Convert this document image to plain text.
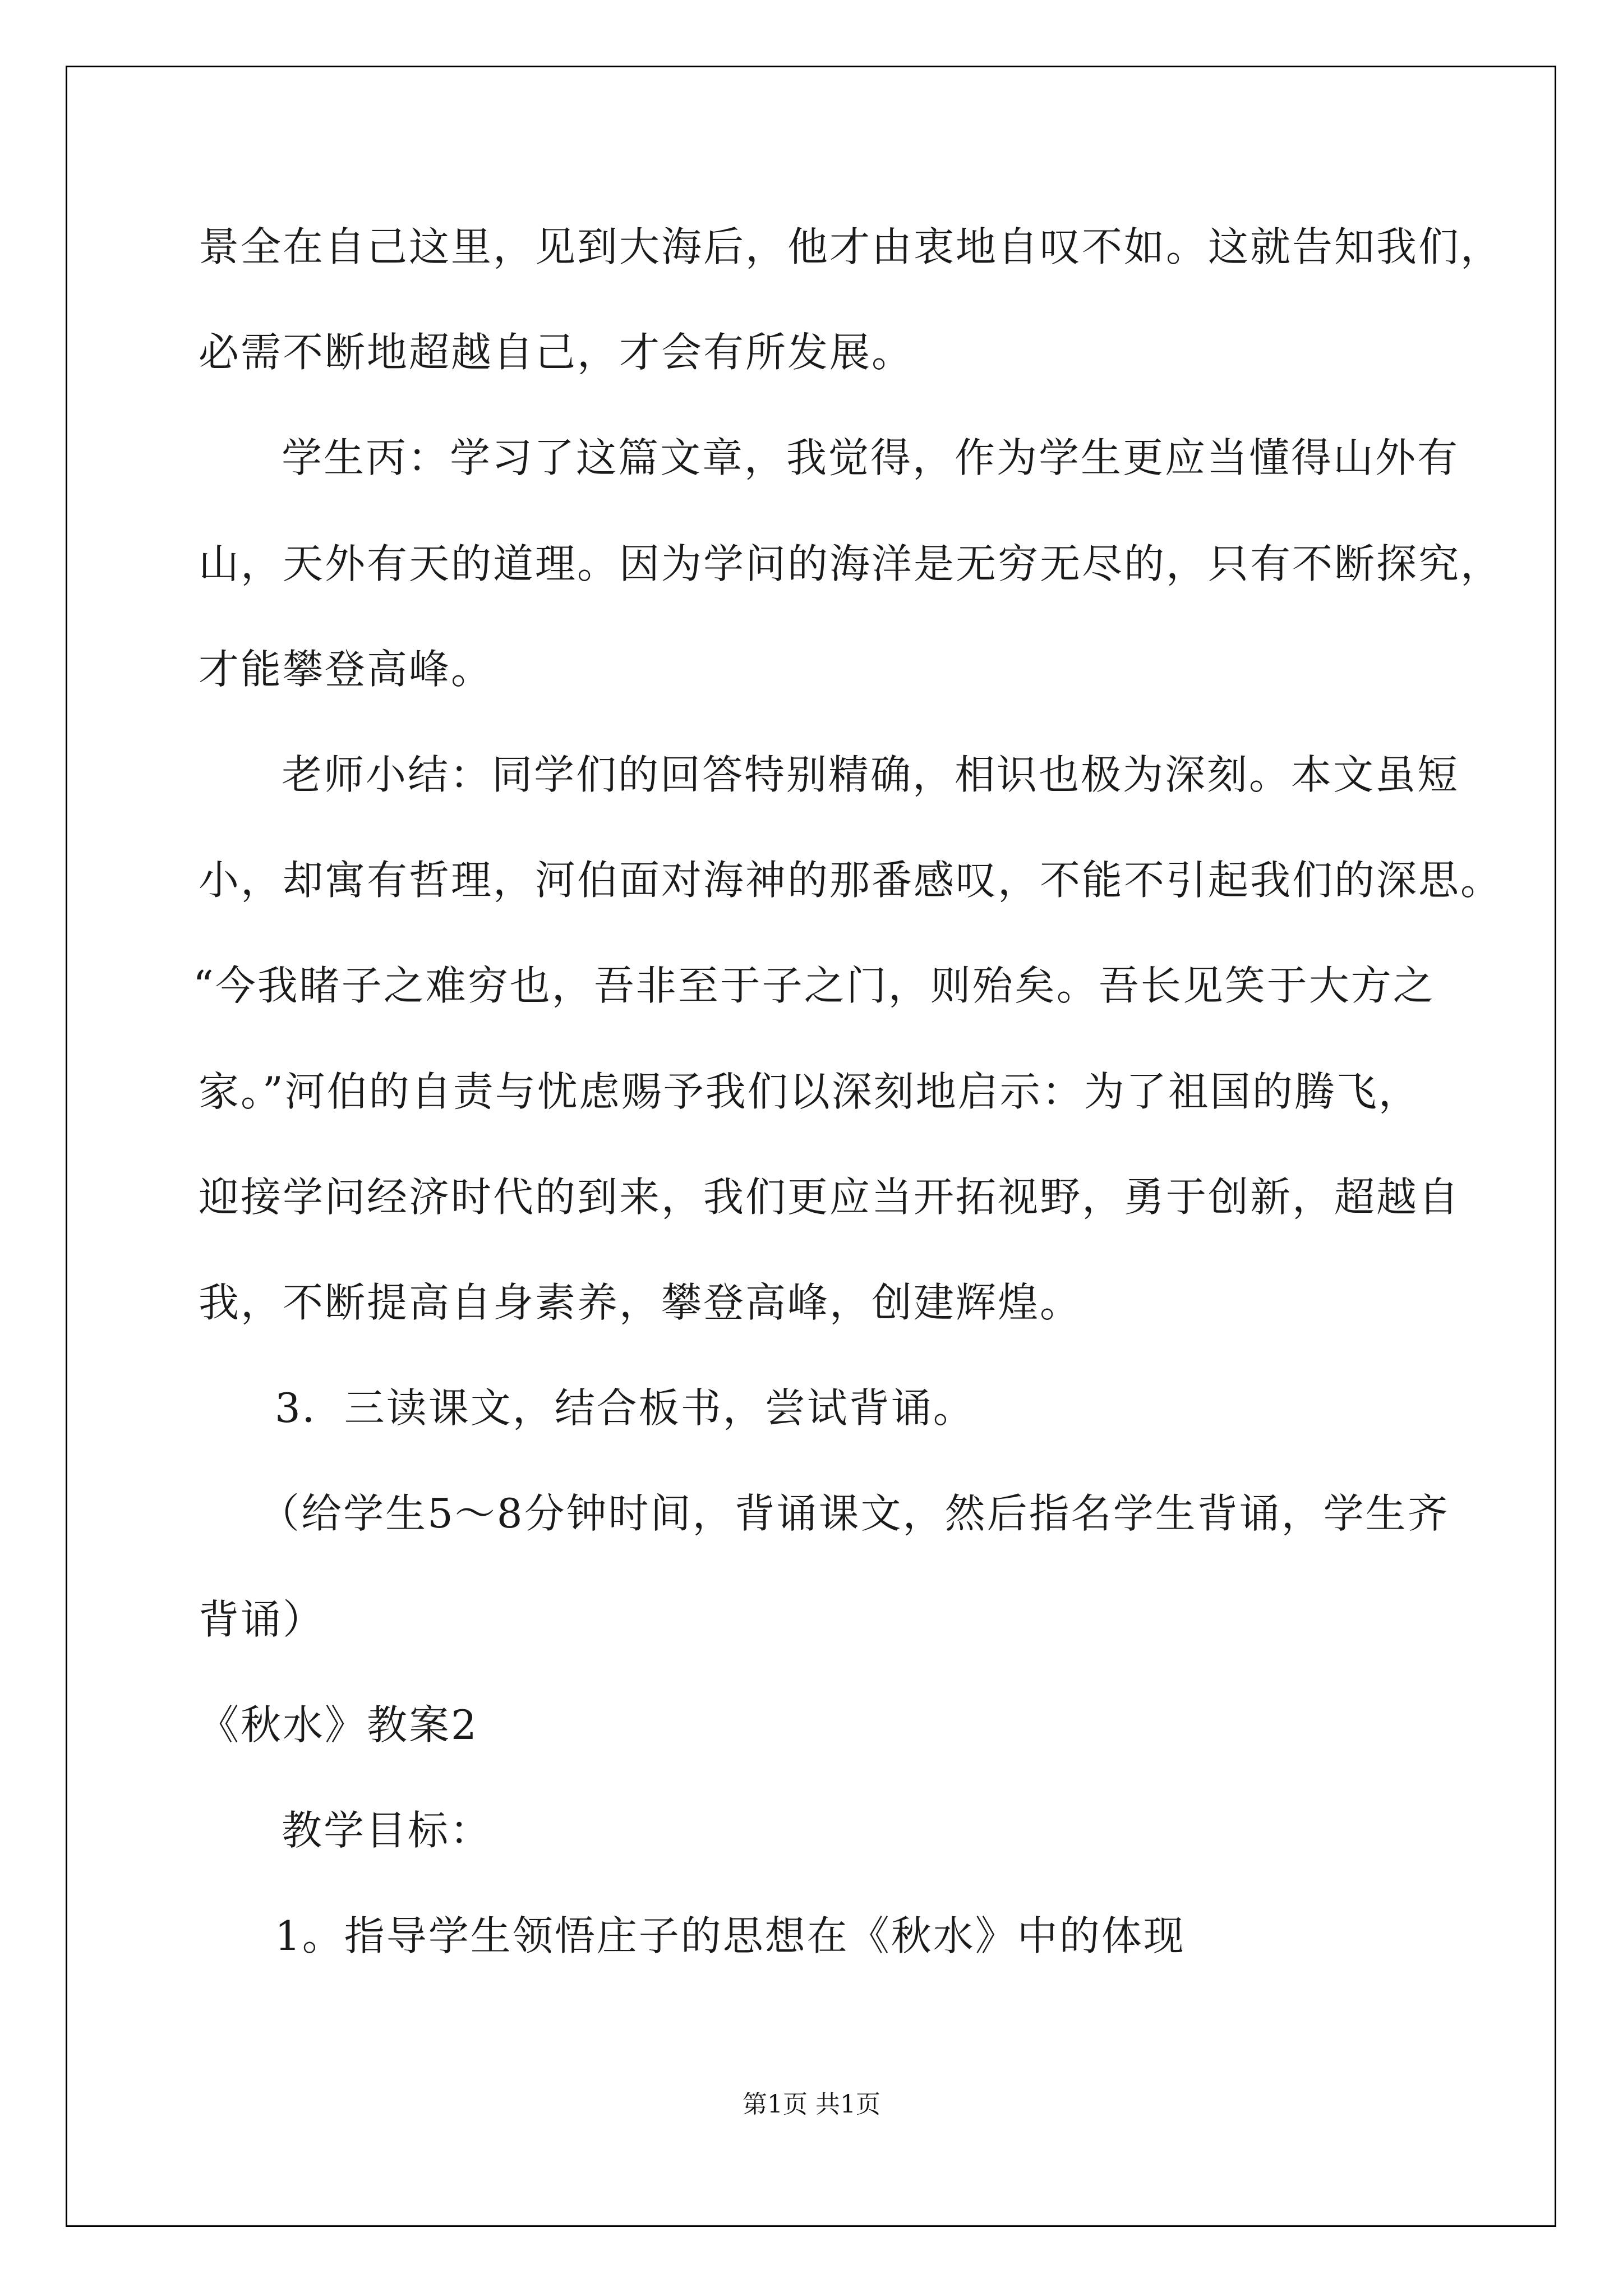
景全在自己这里，见到大海后，他才由衷地自叹不如。这就告知我们，
必需不断地超越自己，才会有所发展。
学生丙：学习了这篇文章，我觉得，作为学生更应当懂得山外有
山，天外有天的道理。因为学问的海洋是无穷无尽的，只有不断探究，
才能攀登高峰。
老师小结：同学们的回答特别精确，相识也极为深刻。本文虽短
小，却寓有哲理，河伯面对海神的那番感叹，不能不引起我们的深思。
“今我睹子之难穷也，吾非至于子之门，则殆矣。吾长见笑于大方之
家。”河伯的自责与忧虑赐予我们以深刻地启示：为了祖国的腾飞，
迎接学问经济时代的到来，我们更应当开拓视野，勇于创新，超越自
我，不断提高自身素养，攀登高峰，创建辉煌。
3．三读课文，结合板书，尝试背诵。
（给学生5～8分钟时间，背诵课文，然后指名学生背诵，学生齐
背诵）
《秋水》教案2
教学目标：
1。指导学生领悟庄子的思想在《秋水》中的体现
第1页 共1页
